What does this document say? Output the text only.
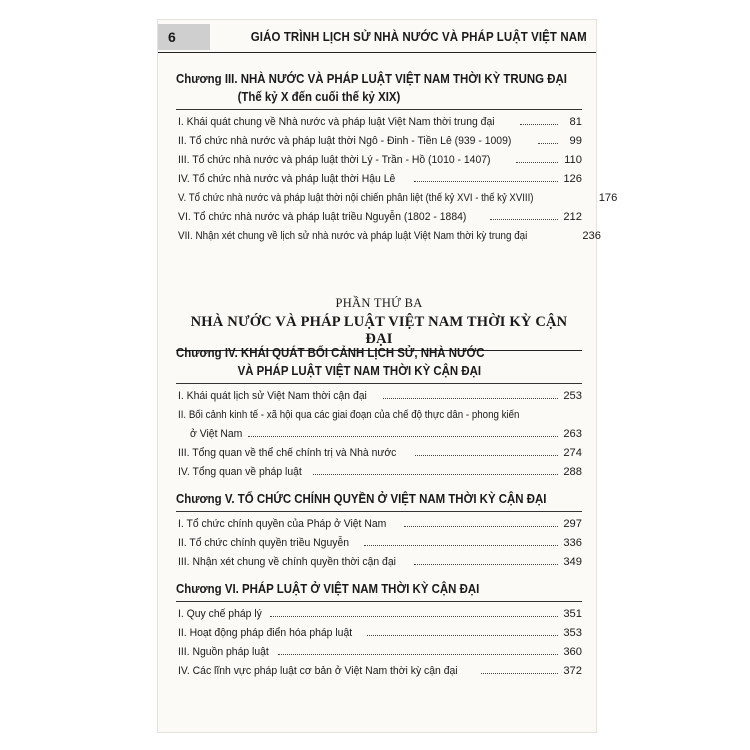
6	GIÁO TRÌNH LỊCH SỬ NHÀ NƯỚC VÀ PHÁP LUẬT VIỆT NAM
Chương III. NHÀ NƯỚC VÀ PHÁP LUẬT VIỆT NAM THỜI KỲ TRUNG ĐẠI
(Thế kỷ X đến cuối thế kỷ XIX)
I. Khái quát chung về Nhà nước và pháp luật Việt Nam thời trung đại	81
II. Tổ chức nhà nước và pháp luật thời Ngô - Đinh - Tiền Lê (939 - 1009)	99
III. Tổ chức nhà nước và pháp luật thời Lý - Trần - Hồ (1010 - 1407)	110
IV. Tổ chức nhà nước và pháp luật thời Hậu Lê	126
V. Tổ chức nhà nước và pháp luật thời nội chiến phân liệt (thế kỷ XVI - thế kỷ XVIII)	176
VI. Tổ chức nhà nước và pháp luật triều Nguyễn (1802 - 1884)	212
VII. Nhận xét chung về lịch sử nhà nước và pháp luật Việt Nam thời kỳ trung đại	236
PHẦN THỨ BA
NHÀ NƯỚC VÀ PHÁP LUẬT VIỆT NAM THỜI KỲ CẬN ĐẠI
Chương IV. KHÁI QUÁT BỐI CẢNH LỊCH SỬ, NHÀ NƯỚC
VÀ PHÁP LUẬT VIỆT NAM THỜI KỲ CẬN ĐẠI
I. Khái quát lịch sử Việt Nam thời cận đại	253
II. Bối cảnh kinh tế - xã hội qua các giai đoạn của chế độ thực dân - phong kiến
ở Việt Nam	263
III. Tổng quan về thể chế chính trị và Nhà nước	274
IV. Tổng quan về pháp luật	288
Chương V. TỔ CHỨC CHÍNH QUYỀN Ở VIỆT NAM THỜI KỲ CẬN ĐẠI
I. Tổ chức chính quyền của Pháp ở Việt Nam	297
II. Tổ chức chính quyền triều Nguyễn	336
III. Nhận xét chung về chính quyền thời cận đại	349
Chương VI. PHÁP LUẬT Ở VIỆT NAM THỜI KỲ CẬN ĐẠI
I. Quy chế pháp lý	351
II. Hoạt động pháp điển hóa pháp luật	353
III. Nguồn pháp luật	360
IV. Các lĩnh vực pháp luật cơ bản ở Việt Nam thời kỳ cận đại	372
